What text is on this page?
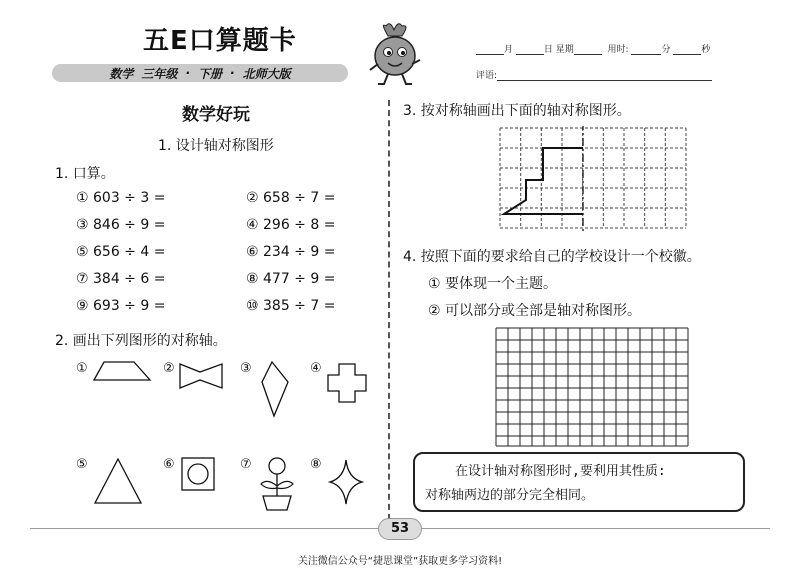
五E口算题卡
数学 三年级 · 下册 · 北师大版
月	日 星期	用时:	分	秒
评语:
数学好玩
1. 设计轴对称图形
1. 口算。
① 603 ÷ 3 =	② 658 ÷ 7 =
③ 846 ÷ 9 =	④ 296 ÷ 8 =
⑤ 656 ÷ 4 =	⑥ 234 ÷ 9 =
⑦ 384 ÷ 6 =	⑧ 477 ÷ 9 =
⑨ 693 ÷ 9 =	⑩ 385 ÷ 7 =
2. 画出下列图形的对称轴。
①	②	③	④
⑤	⑥	⑦	⑧
3. 按对称轴画出下面的轴对称图形。
4. 按照下面的要求给自己的学校设计一个校徽。
① 要体现一个主题。
② 可以部分或全部是轴对称图形。
在设计轴对称图形时,要利用其性质:
对称轴两边的部分完全相同。
53
关注微信公众号“捷思课堂”获取更多学习资料!
